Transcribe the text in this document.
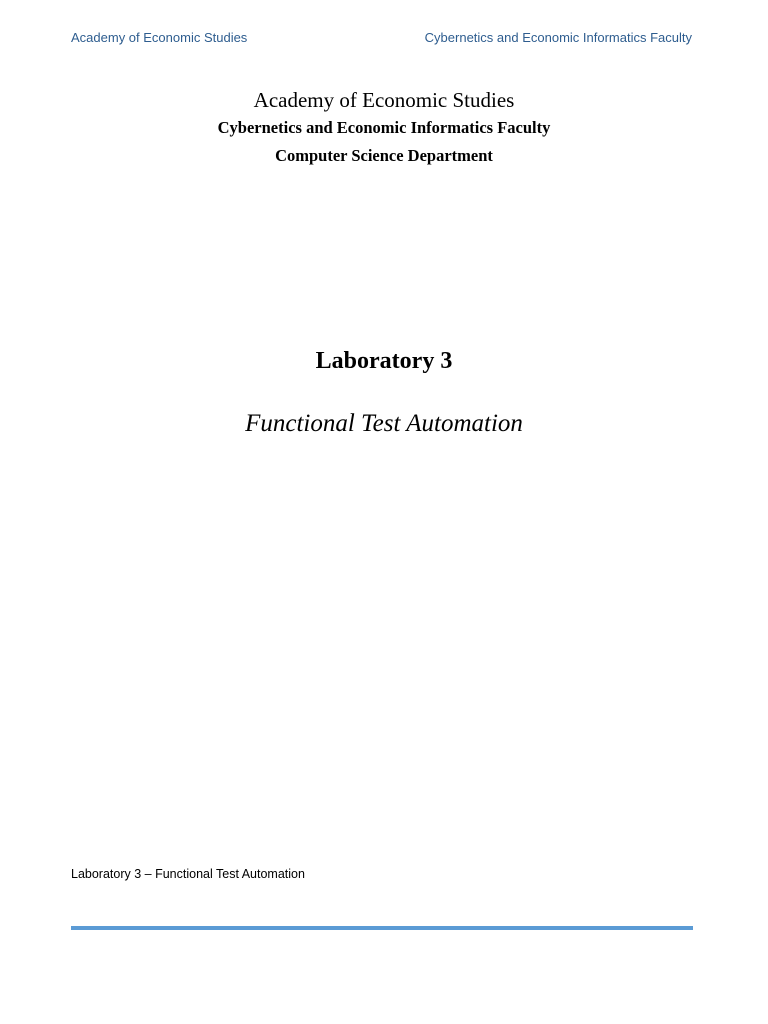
Academy of Economic Studies	Cybernetics and Economic Informatics Faculty

Academy of Economic Studies

Cybernetics and Economic Informatics Faculty

Computer Science Department

Laboratory 3
Functional Test Automation
Laboratory 3 – Functional Test Automation
